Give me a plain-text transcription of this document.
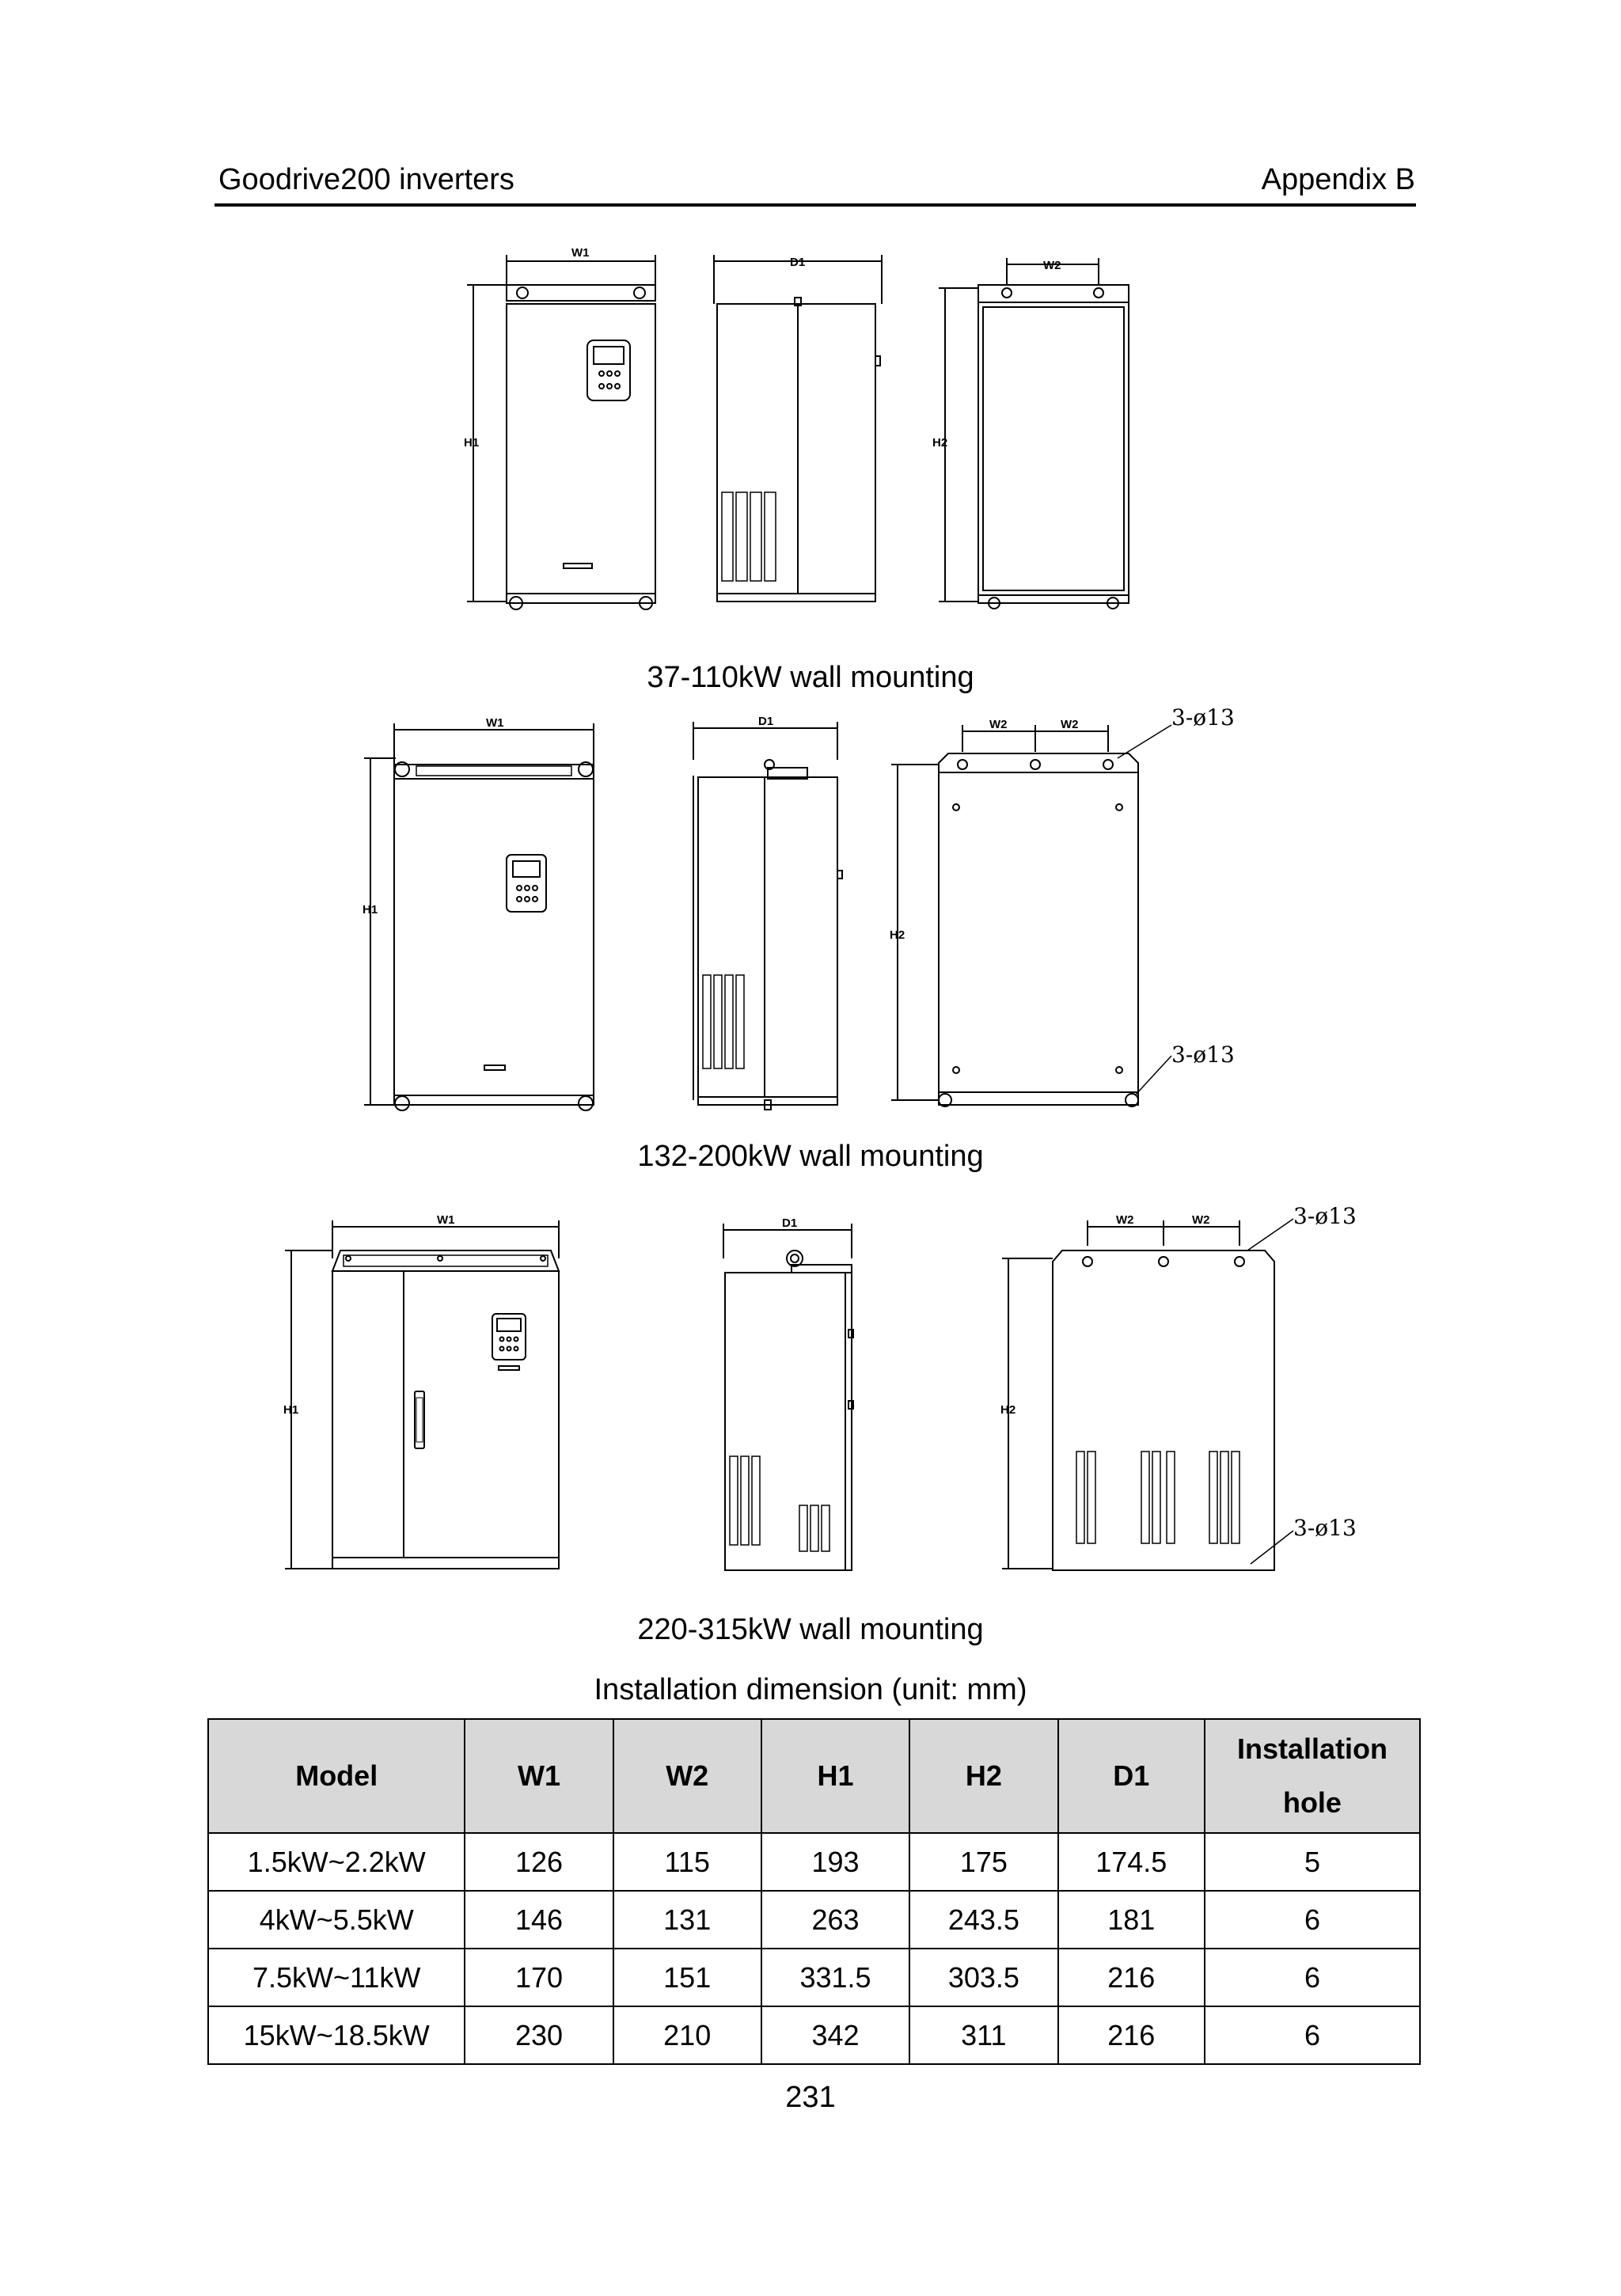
Goodrive200 inverters	Appendix B
W1
H1
D1	W2
H2
37-110kW wall mounting
W1
H1
D1	W2	W2	3-ø13
H2
3-ø13
132-200kW wall mounting
W1
H1
D1	W2	W2	3-ø13
H2
3-ø13
220-315kW wall mounting
Installation dimension (unit: mm)
Model	W1	W2	H1	H2	D1	Installation hole
1.5kW~2.2kW	126	115	193	175	174.5	5
4kW~5.5kW	146	131	263	243.5	181	6
7.5kW~11kW	170	151	331.5	303.5	216	6
15kW~18.5kW	230	210	342	311	216	6
231
